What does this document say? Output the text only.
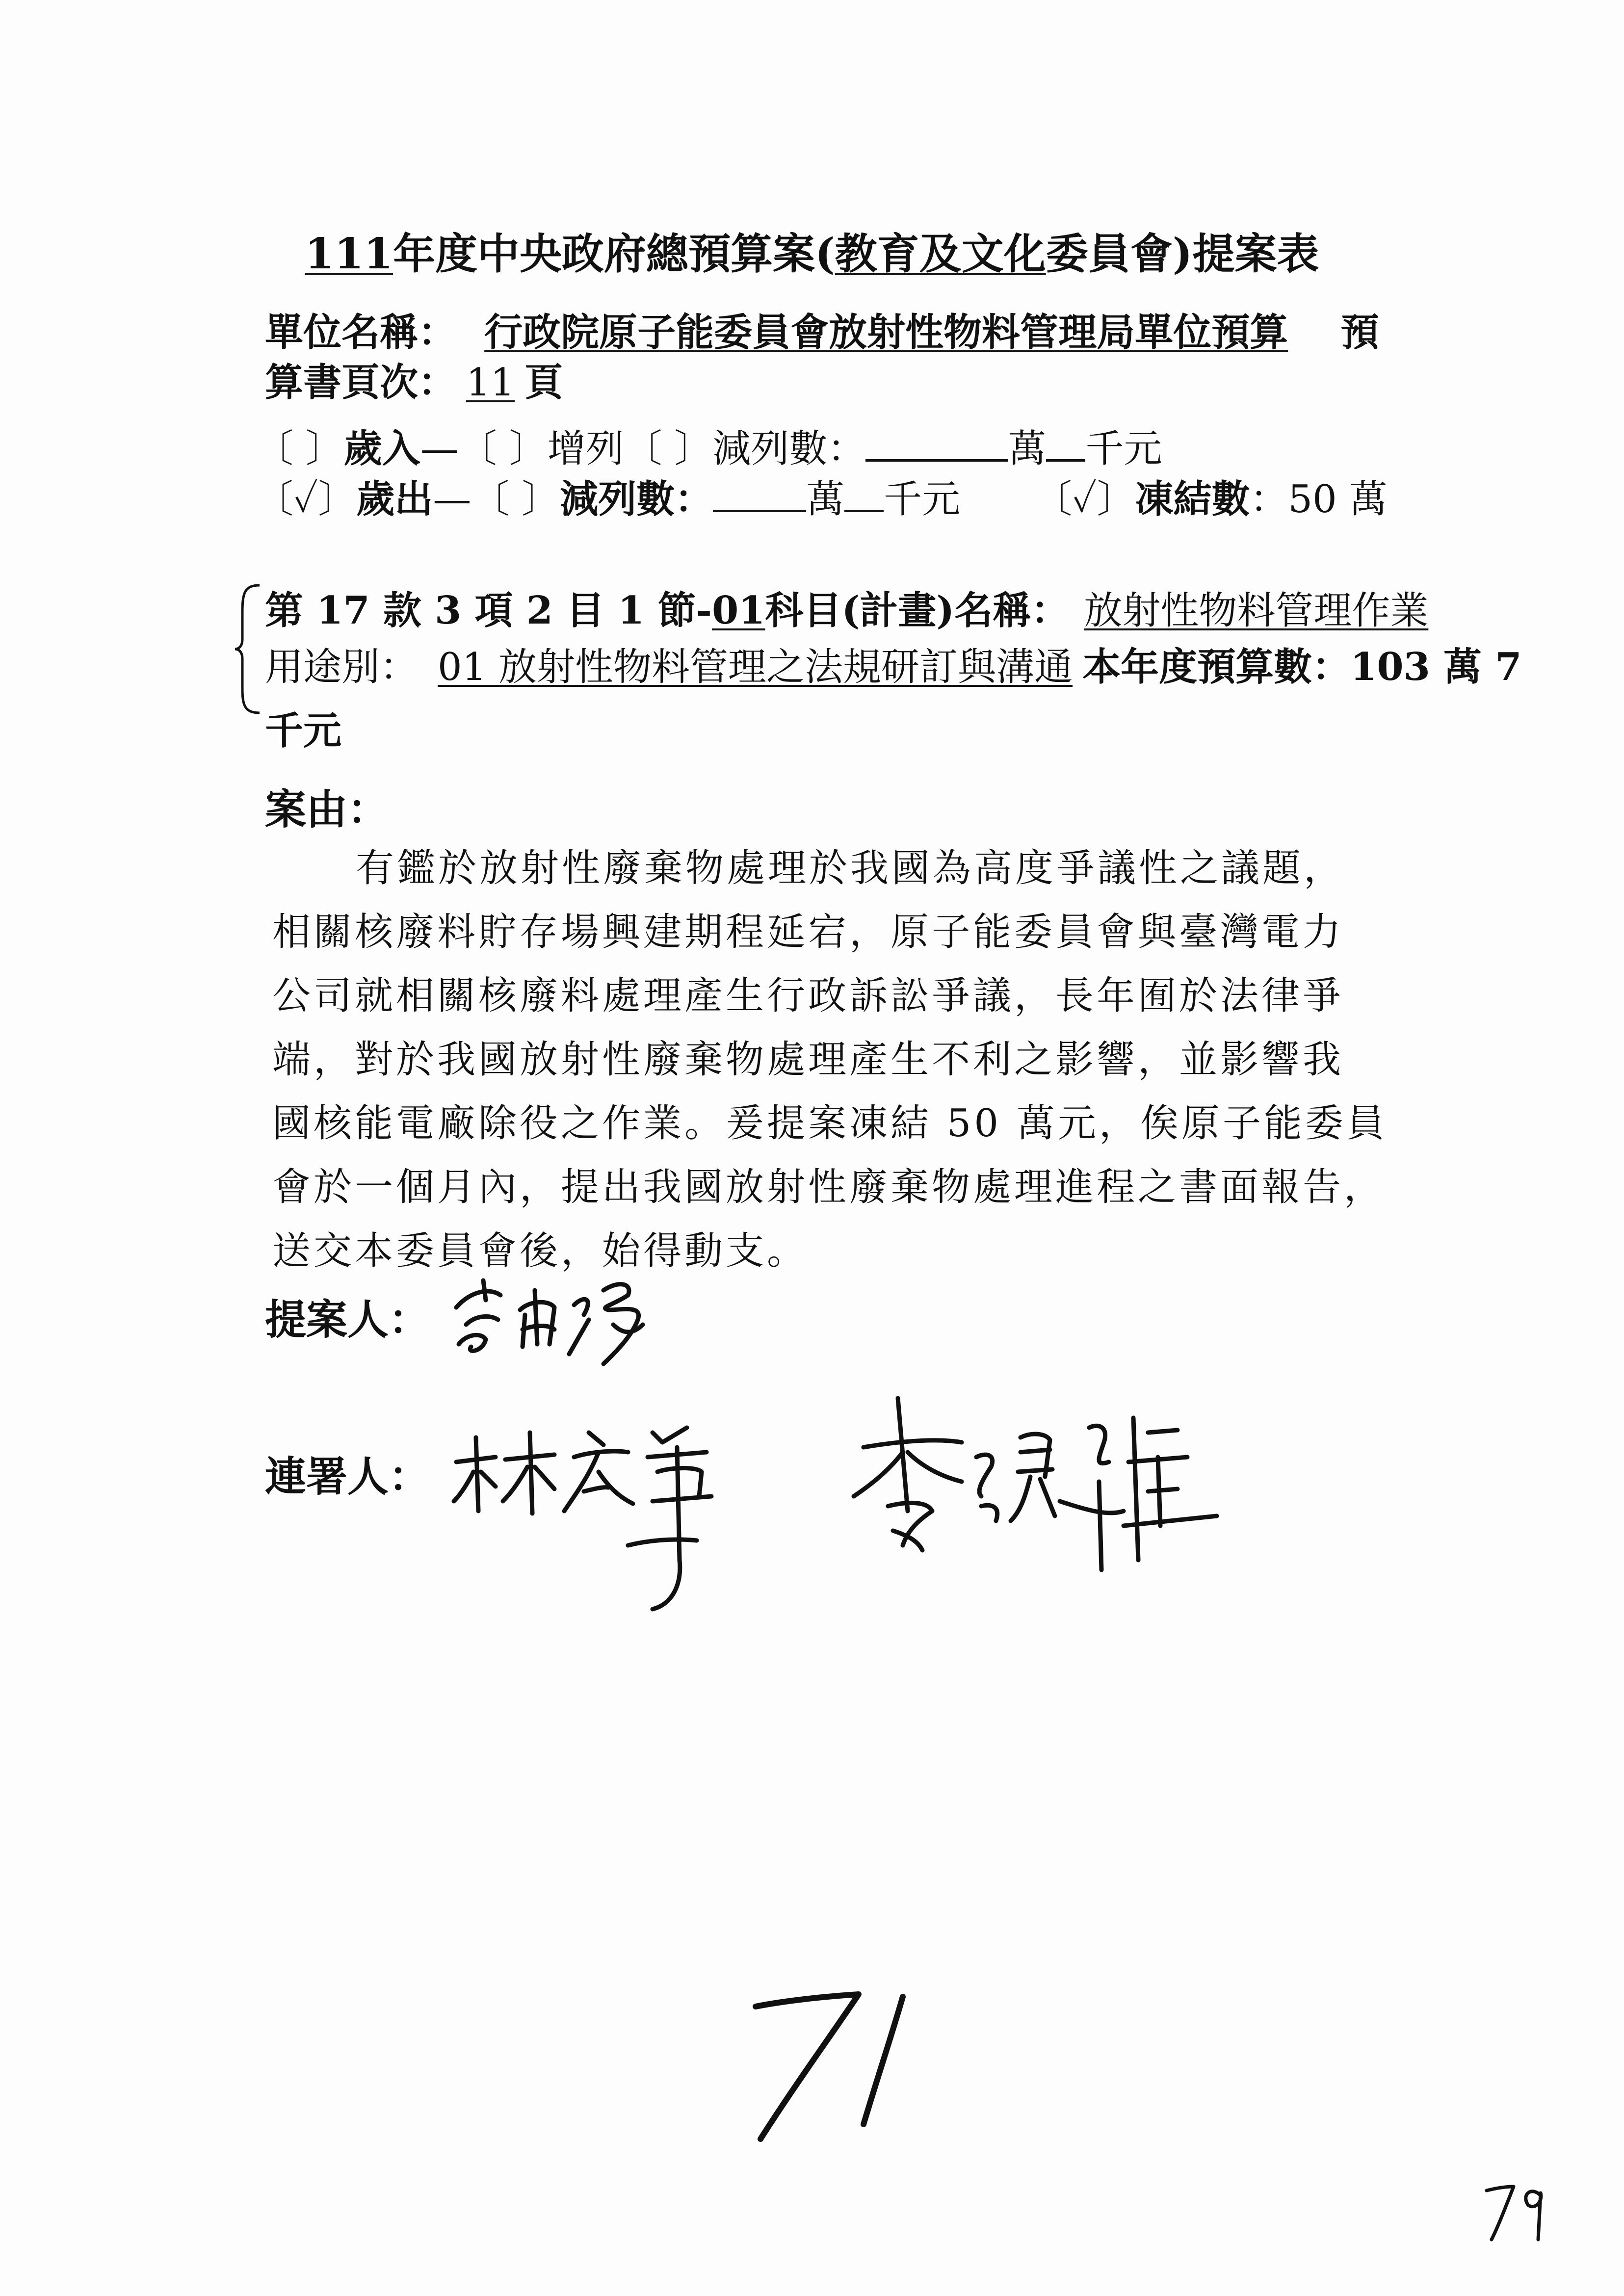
111年度中央政府總預算案(教育及文化委員會)提案表
單位名稱： 行政院原子能委員會放射性物料管理局單位預算 預
算書頁次： 11 頁
〔 〕歲入—〔 〕增列〔 〕減列數：	萬 千元
〔✓〕歲出—〔 〕減列數： 萬 千元 〔✓〕凍結數：50 萬
第 17 款 3 項 2 目 1 節-01科目(計畫)名稱： 放射性物料管理作業
用途別： 01 放射性物料管理之法規研訂與溝通 本年度預算數：103 萬 7
千元
案由：

有鑑於放射性廢棄物處理於我國為高度爭議性之議題，

相關核廢料貯存場興建期程延宕，原子能委員會與臺灣電力

公司就相關核廢料處理產生行政訴訟爭議，長年囿於法律爭

端，對於我國放射性廢棄物處理產生不利之影響，並影響我

國核能電廠除役之作業。爰提案凍結 50 萬元，俟原子能委員

會於一個月內，提出我國放射性廢棄物處理進程之書面報告，

送交本委員會後，始得動支。

提案人：
連署人：
